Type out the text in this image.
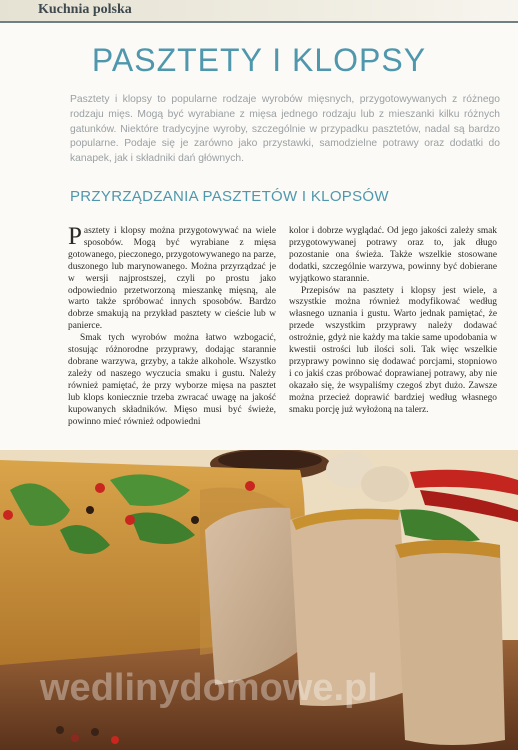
Kuchnia polska
PASZTETY I KLOPSY
Pasztety i klopsy to popularne rodzaje wyrobów mięsnych, przygotowywanych z różnego rodzaju mięs. Mogą być wyrabiane z mięsa jednego rodzaju lub z mieszanki kilku różnych gatunków. Niektóre tradycyjne wyroby, szczególnie w przypadku pasztetów, nadal są bardzo popularne. Podaje się je zarówno jako przystawki, samodzielne potrawy oraz dodatki do kanapek, jak i składniki dań głównych.
PRZYRZĄDZANIA PASZTETÓW I KLOPSÓW

Pasztety i klopsy można przygotowywać na wiele sposobów. Mogą być wyrabiane z mięsa gotowanego, pieczonego, przygotowywanego na parze, duszonego lub marynowanego. Można przyrządzać je w wersji najprostszej, czyli po prostu jako odpowiednio przetworzoną mieszankę mięsną, ale warto także spróbować innych sposobów. Bardzo dobrze smakują na przykład pasztety w cieście lub w panierce.

Smak tych wyrobów można łatwo wzbogacić, stosując różnorodne przyprawy, dodając starannie dobrane warzywa, grzyby, a także alkohole. Wszystko zależy od naszego wyczucia smaku i gustu. Należy również pamiętać, że przy wyborze mięsa na pasztet lub klops koniecznie trzeba zwracać uwagę na jakość kupowanych składników. Mięso musi być świeże, powinno mieć również odpowiedni

kolor i dobrze wyglądać. Od jego jakości zależy smak przygotowywanej potrawy oraz to, jak długo pozostanie ona świeża. Także wszelkie stosowane dodatki, szczególnie warzywa, powinny być dobierane wyjątkowo starannie.

Przepisów na pasztety i klopsy jest wiele, a wszystkie można również modyfikować według własnego uznania i gustu. Warto jednak pamiętać, że przede wszystkim przyprawy należy dodawać ostrożnie, gdyż nie każdy ma takie same upodobania w kwestii ostrości lub ilości soli. Tak więc wszelkie przyprawy powinno się dodawać porcjami, stopniowo i co jakiś czas próbować doprawianej potrawy, aby nie okazało się, że wsypaliśmy czegoś zbyt dużo. Zawsze można przecież doprawić bardziej według własnego smaku porcję już wyłożoną na talerz.

wedlinydomowe.pl
